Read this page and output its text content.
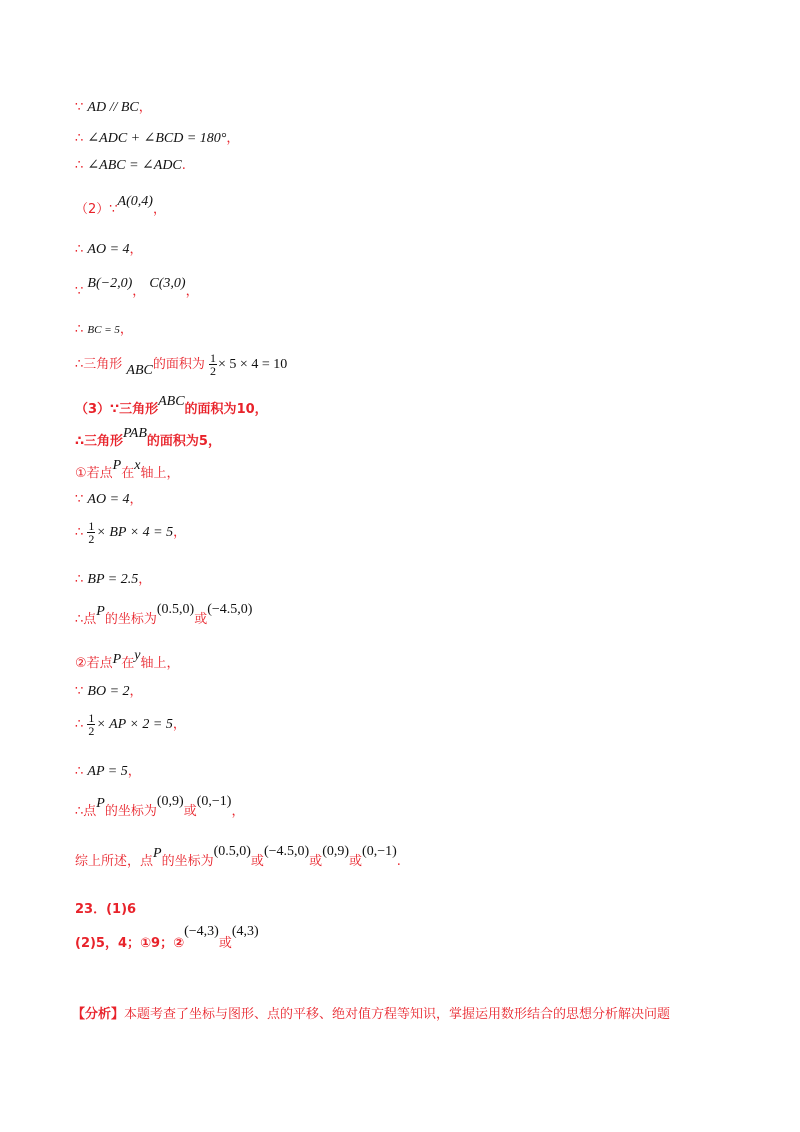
∵ AD // BC，
∴ ∠ADC + ∠BCD = 180°，
∴ ∠ABC = ∠ADC.
（2）∵A(0,4)，
∴ AO = 4，
∵ B(−2,0)， C(3,0)，
∴ BC = 5，
∴三角形 ABC的面积为 $\frac{1}{2} \times 5 \times 4 = 10$
（3）∵三角形ABC的面积为10，
∴三角形PAB的面积为5，
①若点P在x轴上，
∵ AO = 4，
∴ $\frac{1}{2}$ × BP × 4 = 5，
∴ BP = 2.5，
∴点P的坐标为(0.5,0)或(−4.5,0)
②若点P在y轴上，
∵ BO = 2，
∴ $\frac{1}{2}$ × AP × 2 = 5，
∴ AP = 5，
∴点P的坐标为(0,9)或(0,−1)，
综上所述，点P的坐标为(0.5,0)或(−4.5,0)或(0,9)或(0,−1).
23．(1)6
(2)5，4；①9；②(−4,3)或(4,3)
【分析】本题考查了坐标与图形、点的平移、绝对值方程等知识，掌握运用数形结合的思想分析解决问题
